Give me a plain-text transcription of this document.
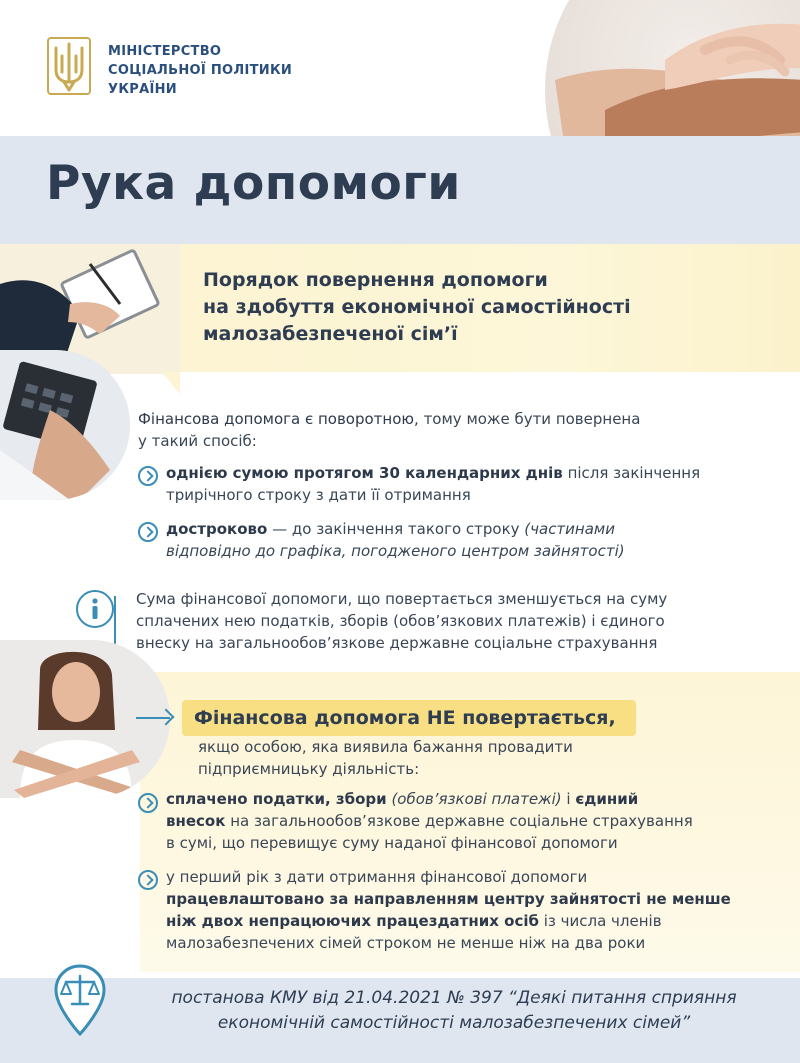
МІНІСТЕРСТВО
СОЦІАЛЬНОЇ ПОЛІТИКИ
УКРАЇНИ
Рука допомоги
Порядок повернення допомоги
на здобуття економічної самостійності
малозабезпеченої сім’ї
Фінансова допомога є поворотною, тому може бути повернена
у такий спосіб:
однією сумою протягом 30 календарних днів після закінчення
трирічного строку з дати її отримання
достроково — до закінчення такого строку (частинами
відповідно до графіка, погодженого центром зайнятості)
Сума фінансової допомоги, що повертається зменшується на суму
сплачених нею податків, зборів (обов’язкових платежів) і єдиного
внеску на загальнообов’язкове державне соціальне страхування
Фінансова допомога НЕ повертається,
якщо особою, яка виявила бажання провадити
підприємницьку діяльність:
сплачено податки, збори (обов’язкові платежі) і єдиний
внесок на загальнообов’язкове державне соціальне страхування
в сумі, що перевищує суму наданої фінансової допомоги
у перший рік з дати отримання фінансової допомоги
працевлаштовано за направленням центру зайнятості не менше
ніж двох непрацюючих працездатних осіб із числа членів
малозабезпечених сімей строком не менше ніж на два роки
постанова КМУ від 21.04.2021 № 397 “Деякі питання сприяння
економічній самостійності малозабезпечених сімей”
